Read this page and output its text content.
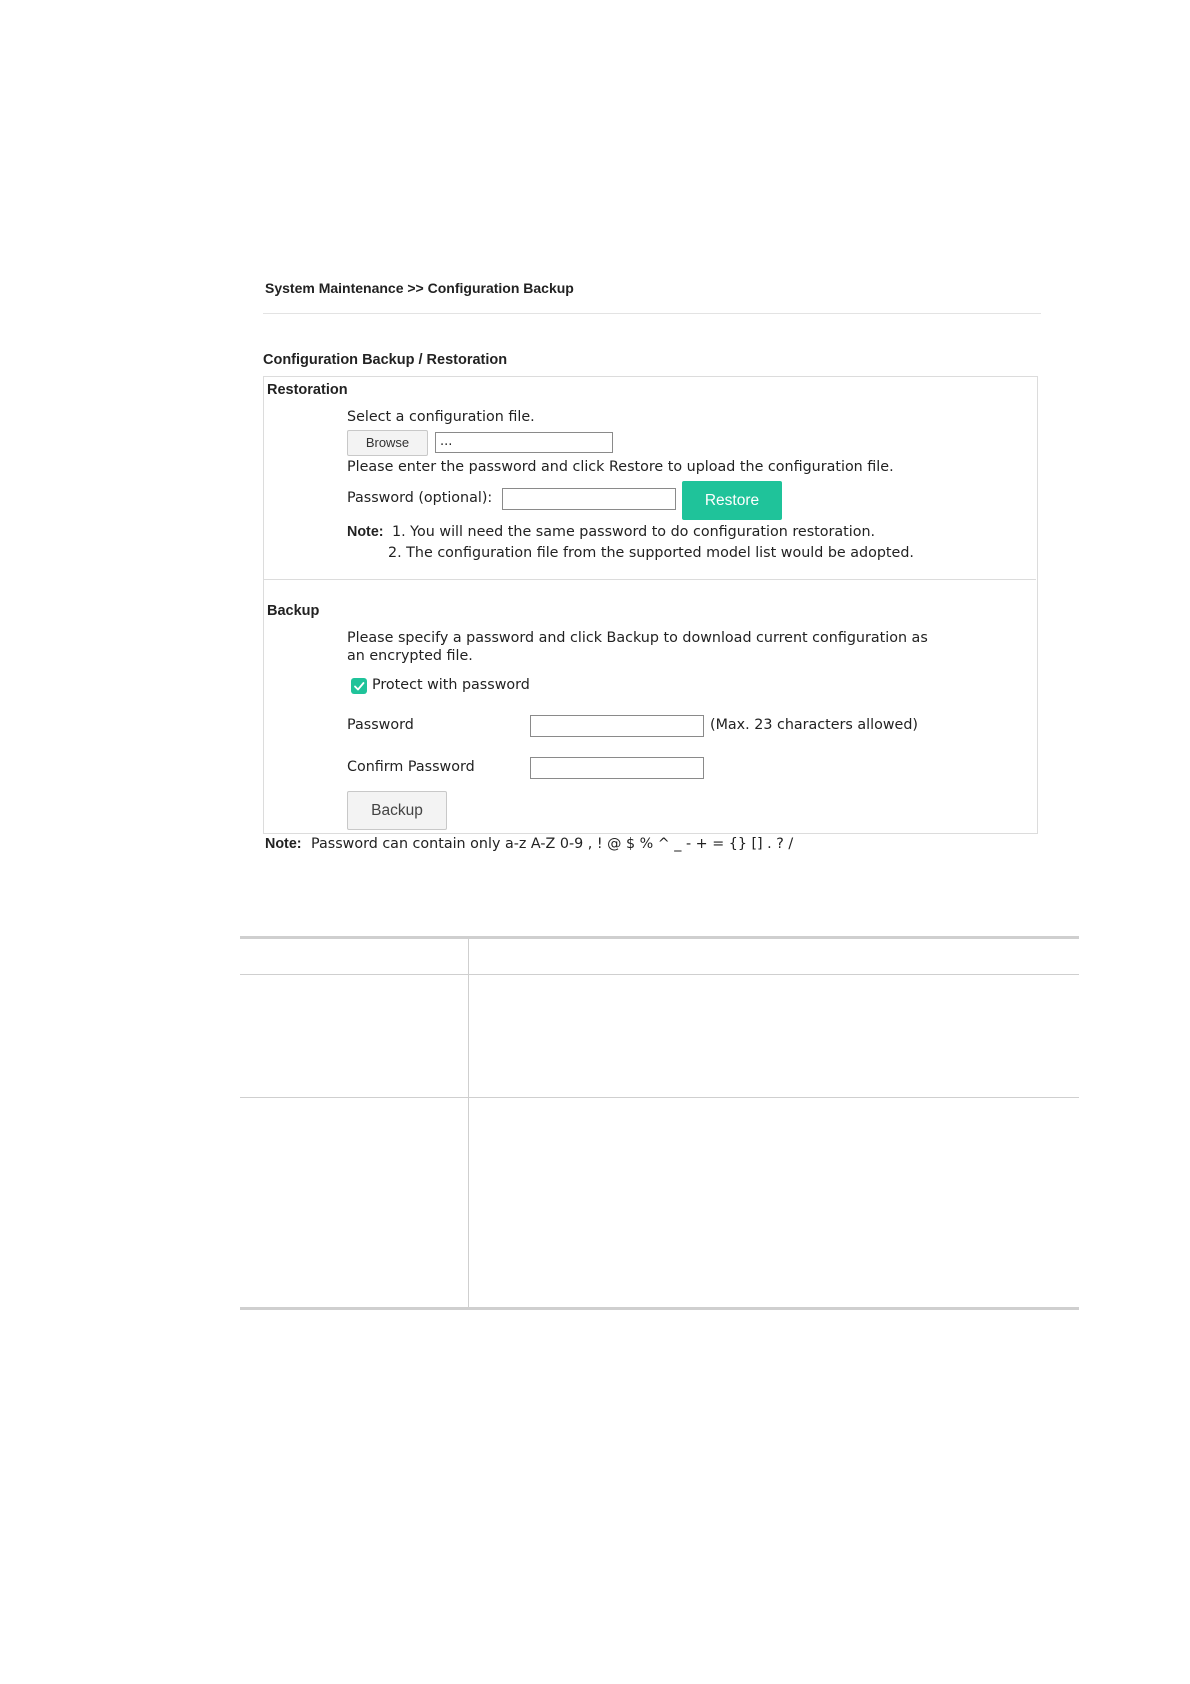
System Maintenance >> Configuration Backup
Configuration Backup / Restoration
Restoration
Select a configuration file.
Browse	...
Please enter the password and click Restore to upload the configuration file.
Password (optional):	Restore
Note: 1. You will need the same password to do configuration restoration.
2. The configuration file from the supported model list would be adopted.
Backup
Please specify a password and click Backup to download current configuration as
an encrypted file.
Protect with password
Password	(Max. 23 characters allowed)
Confirm Password
Backup
Note: Password can contain only a-z A-Z 0-9 , ! @ $ % ^ _ - + = {} [] . ? /
